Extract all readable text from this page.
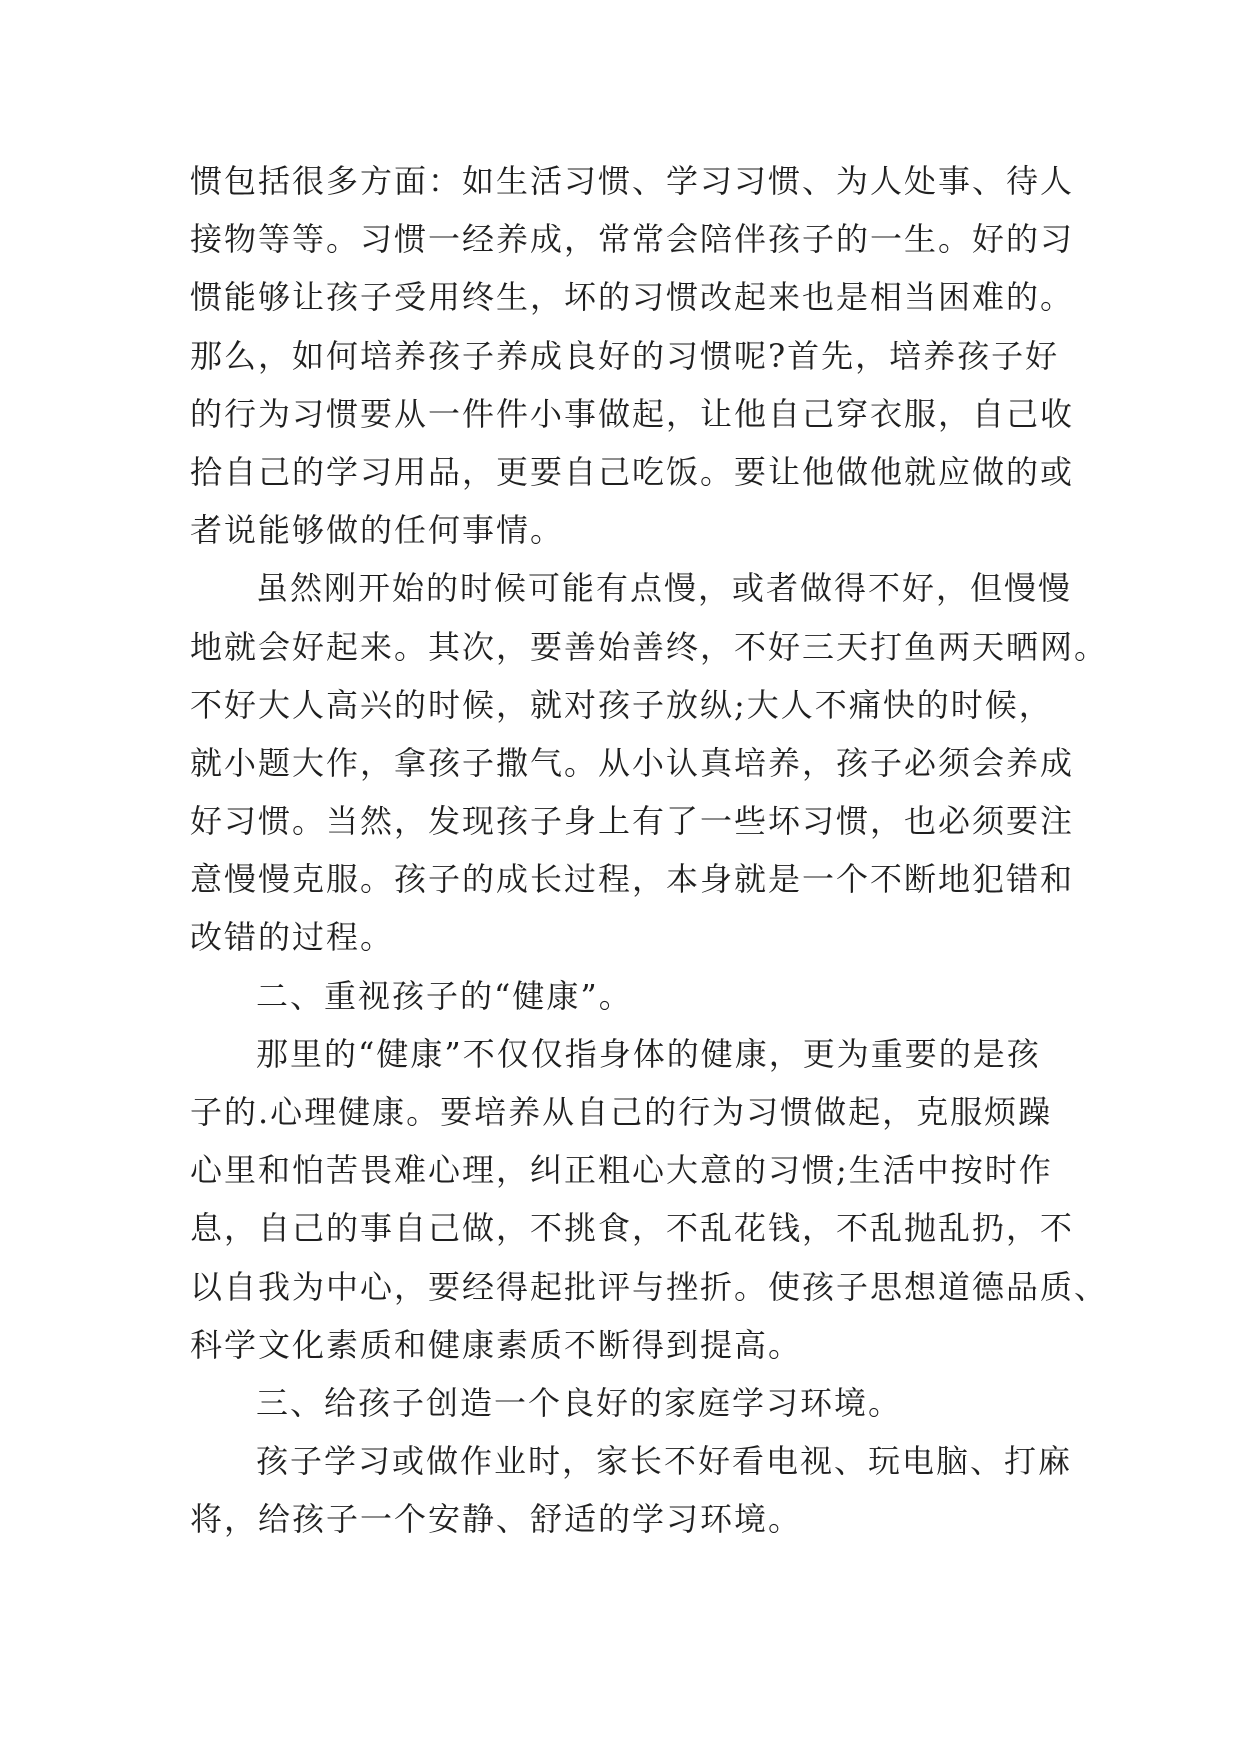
惯包括很多方面：如生活习惯、学习习惯、为人处事、待人
接物等等。习惯一经养成，常常会陪伴孩子的一生。好的习
惯能够让孩子受用终生，坏的习惯改起来也是相当困难的。
那么，如何培养孩子养成良好的习惯呢?首先，培养孩子好
的行为习惯要从一件件小事做起，让他自己穿衣服，自己收
拾自己的学习用品，更要自己吃饭。要让他做他就应做的或
者说能够做的任何事情。
虽然刚开始的时候可能有点慢，或者做得不好，但慢慢
地就会好起来。其次，要善始善终，不好三天打鱼两天晒网。
不好大人高兴的时候，就对孩子放纵;大人不痛快的时候，
就小题大作，拿孩子撒气。从小认真培养，孩子必须会养成
好习惯。当然，发现孩子身上有了一些坏习惯，也必须要注
意慢慢克服。孩子的成长过程，本身就是一个不断地犯错和
改错的过程。
二、重视孩子的“健康”。
那里的“健康”不仅仅指身体的健康，更为重要的是孩
子的.心理健康。要培养从自己的行为习惯做起，克服烦躁
心里和怕苦畏难心理，纠正粗心大意的习惯;生活中按时作
息，自己的事自己做，不挑食，不乱花钱，不乱抛乱扔，不
以自我为中心，要经得起批评与挫折。使孩子思想道德品质、
科学文化素质和健康素质不断得到提高。
三、给孩子创造一个良好的家庭学习环境。
孩子学习或做作业时，家长不好看电视、玩电脑、打麻
将，给孩子一个安静、舒适的学习环境。
